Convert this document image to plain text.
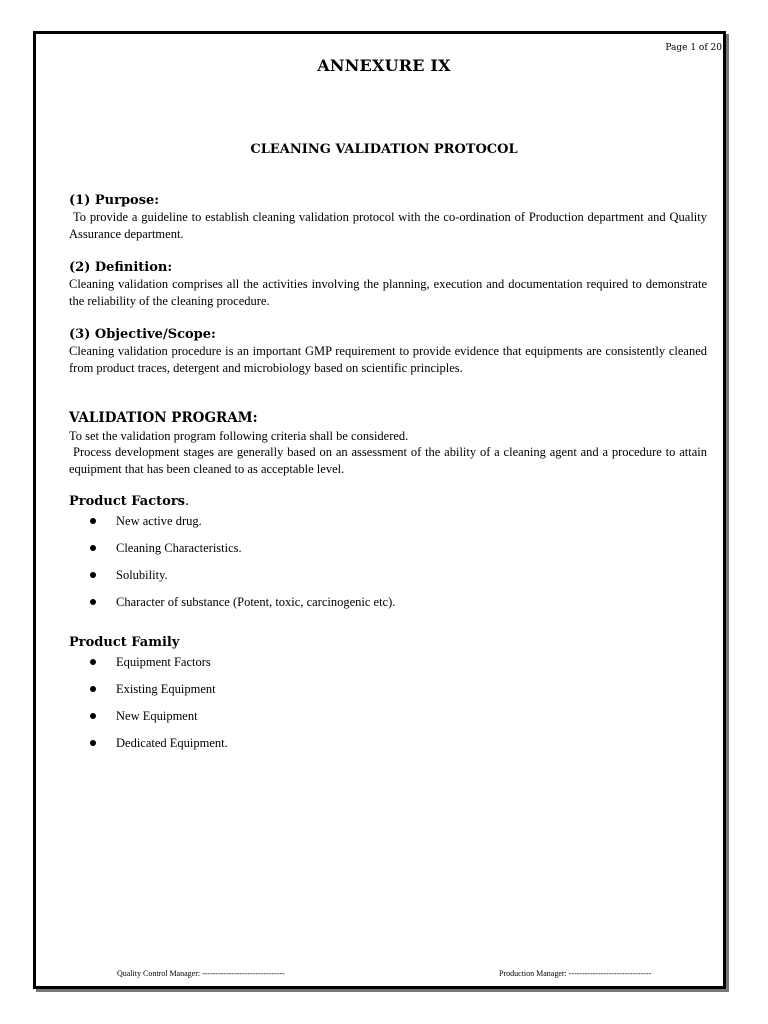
Page 1 of 20
ANNEXURE IX
CLEANING VALIDATION PROTOCOL
(1) Purpose:

To provide a guideline to establish cleaning validation protocol with the co-ordination of Production department and Quality Assurance department.

(2) Definition:

Cleaning validation comprises all the activities involving the planning, execution and documentation required to demonstrate the reliability of the cleaning procedure.

(3) Objective/Scope:

Cleaning validation procedure is an important GMP requirement to provide evidence that equipments are consistently cleaned from product traces, detergent and microbiology based on scientific principles.

VALIDATION PROGRAM:

To set the validation program following criteria shall be considered.

Process development stages are generally based on an assessment of the ability of a cleaning agent and a procedure to attain equipment that has been cleaned to as acceptable level.

Product Factors.
New active drug.
Cleaning Characteristics.
Solubility.
Character of substance (Potent, toxic, carcinogenic etc).
Product Family
Equipment Factors
Existing Equipment
New Equipment
Dedicated Equipment.
Quality Control Manager: -------------------------------	Production Manager: -------------------------------
